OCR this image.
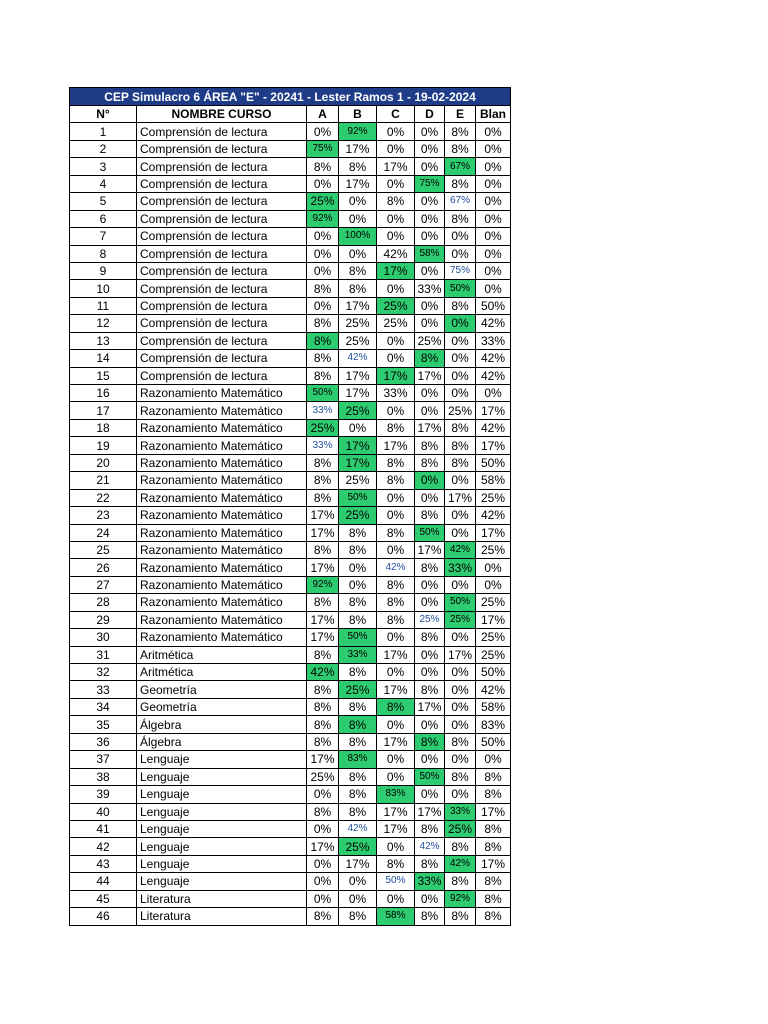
CEP Simulacro 6 ÁREA "E" - 20241 - Lester Ramos 1 - 19-02-2024							
N°	NOMBRE CURSO	A	B	C	D	E	Blan
1	Comprensión de lectura	0%	92%	0%	0%	8%	0%
2	Comprensión de lectura	75%	17%	0%	0%	8%	0%
3	Comprensión de lectura	8%	8%	17%	0%	67%	0%
4	Comprensión de lectura	0%	17%	0%	75%	8%	0%
5	Comprensión de lectura	25%	0%	8%	0%	67%	0%
6	Comprensión de lectura	92%	0%	0%	0%	8%	0%
7	Comprensión de lectura	0%	100%	0%	0%	0%	0%
8	Comprensión de lectura	0%	0%	42%	58%	0%	0%
9	Comprensión de lectura	0%	8%	17%	0%	75%	0%
10	Comprensión de lectura	8%	8%	0%	33%	50%	0%
11	Comprensión de lectura	0%	17%	25%	0%	8%	50%
12	Comprensión de lectura	8%	25%	25%	0%	0%	42%
13	Comprensión de lectura	8%	25%	0%	25%	0%	33%
14	Comprensión de lectura	8%	42%	0%	8%	0%	42%
15	Comprensión de lectura	8%	17%	17%	17%	0%	42%
16	Razonamiento Matemático	50%	17%	33%	0%	0%	0%
17	Razonamiento Matemático	33%	25%	0%	0%	25%	17%
18	Razonamiento Matemático	25%	0%	8%	17%	8%	42%
19	Razonamiento Matemático	33%	17%	17%	8%	8%	17%
20	Razonamiento Matemático	8%	17%	8%	8%	8%	50%
21	Razonamiento Matemático	8%	25%	8%	0%	0%	58%
22	Razonamiento Matemático	8%	50%	0%	0%	17%	25%
23	Razonamiento Matemático	17%	25%	0%	8%	0%	42%
24	Razonamiento Matemático	17%	8%	8%	50%	0%	17%
25	Razonamiento Matemático	8%	8%	0%	17%	42%	25%
26	Razonamiento Matemático	17%	0%	42%	8%	33%	0%
27	Razonamiento Matemático	92%	0%	8%	0%	0%	0%
28	Razonamiento Matemático	8%	8%	8%	0%	50%	25%
29	Razonamiento Matemático	17%	8%	8%	25%	25%	17%
30	Razonamiento Matemático	17%	50%	0%	8%	0%	25%
31	Aritmética	8%	33%	17%	0%	17%	25%
32	Aritmética	42%	8%	0%	0%	0%	50%
33	Geometría	8%	25%	17%	8%	0%	42%
34	Geometría	8%	8%	8%	17%	0%	58%
35	Álgebra	8%	8%	0%	0%	0%	83%
36	Álgebra	8%	8%	17%	8%	8%	50%
37	Lenguaje	17%	83%	0%	0%	0%	0%
38	Lenguaje	25%	8%	0%	50%	8%	8%
39	Lenguaje	0%	8%	83%	0%	0%	8%
40	Lenguaje	8%	8%	17%	17%	33%	17%
41	Lenguaje	0%	42%	17%	8%	25%	8%
42	Lenguaje	17%	25%	0%	42%	8%	8%
43	Lenguaje	0%	17%	8%	8%	42%	17%
44	Lenguaje	0%	0%	50%	33%	8%	8%
45	Literatura	0%	0%	0%	0%	92%	8%
46	Literatura	8%	8%	58%	8%	8%	8%
